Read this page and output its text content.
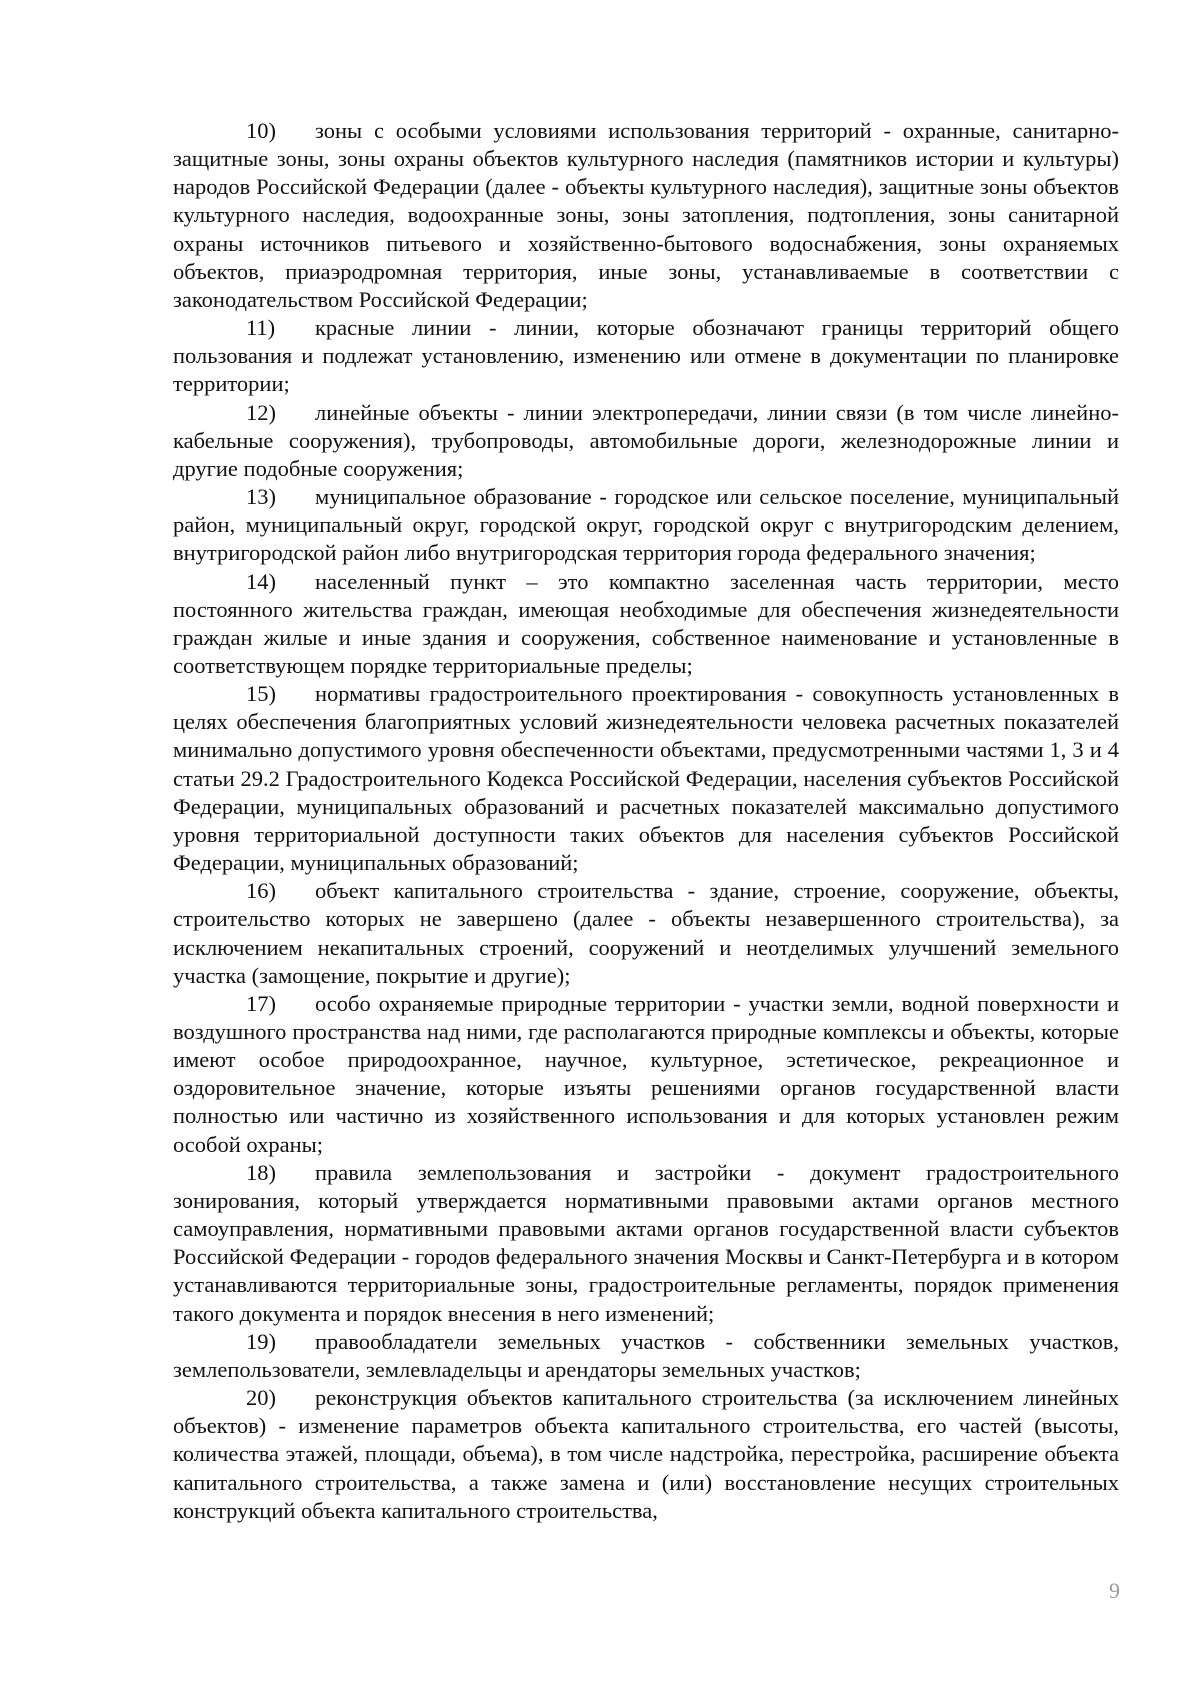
10) зоны с особыми условиями использования территорий - охранные, санитарно-защитные зоны, зоны охраны объектов культурного наследия (памятников истории и культуры) народов Российской Федерации (далее - объекты культурного наследия), защитные зоны объектов культурного наследия, водоохранные зоны, зоны затопления, подтопления, зоны санитарной охраны источников питьевого и хозяйственно-бытового водоснабжения, зоны охраняемых объектов, приаэродромная территория, иные зоны, устанавливаемые в соответствии с законодательством Российской Федерации;

11) красные линии - линии, которые обозначают границы территорий общего пользования и подлежат установлению, изменению или отмене в документации по планировке территории;

12) линейные объекты - линии электропередачи, линии связи (в том числе линейно-кабельные сооружения), трубопроводы, автомобильные дороги, железнодорожные линии и другие подобные сооружения;

13) муниципальное образование - городское или сельское поселение, муниципальный район, муниципальный округ, городской округ, городской округ с внутригородским делением, внутригородской район либо внутригородская территория города федерального значения;

14) населенный пункт – это компактно заселенная часть территории, место постоянного жительства граждан, имеющая необходимые для обеспечения жизнедеятельности граждан жилые и иные здания и сооружения, собственное наименование и установленные в соответствующем порядке территориальные пределы;

15) нормативы градостроительного проектирования - совокупность установленных в целях обеспечения благоприятных условий жизнедеятельности человека расчетных показателей минимально допустимого уровня обеспеченности объектами, предусмотренными частями 1, 3 и 4 статьи 29.2 Градостроительного Кодекса Российской Федерации, населения субъектов Российской Федерации, муниципальных образований и расчетных показателей максимально допустимого уровня территориальной доступности таких объектов для населения субъектов Российской Федерации, муниципальных образований;

16) объект капитального строительства - здание, строение, сооружение, объекты, строительство которых не завершено (далее - объекты незавершенного строительства), за исключением некапитальных строений, сооружений и неотделимых улучшений земельного участка (замощение, покрытие и другие);

17) особо охраняемые природные территории - участки земли, водной поверхности и воздушного пространства над ними, где располагаются природные комплексы и объекты, которые имеют особое природоохранное, научное, культурное, эстетическое, рекреационное и оздоровительное значение, которые изъяты решениями органов государственной власти полностью или частично из хозяйственного использования и для которых установлен режим особой охраны;

18) правила землепользования и застройки - документ градостроительного зонирования, который утверждается нормативными правовыми актами органов местного самоуправления, нормативными правовыми актами органов государственной власти субъектов Российской Федерации - городов федерального значения Москвы и Санкт-Петербурга и в котором устанавливаются территориальные зоны, градостроительные регламенты, порядок применения такого документа и порядок внесения в него изменений;

19) правообладатели земельных участков - собственники земельных участков, землепользователи, землевладельцы и арендаторы земельных участков;

20) реконструкция объектов капитального строительства (за исключением линейных объектов) - изменение параметров объекта капитального строительства, его частей (высоты, количества этажей, площади, объема), в том числе надстройка, перестройка, расширение объекта капитального строительства, а также замена и (или) восстановление несущих строительных конструкций объекта капитального строительства,

9
